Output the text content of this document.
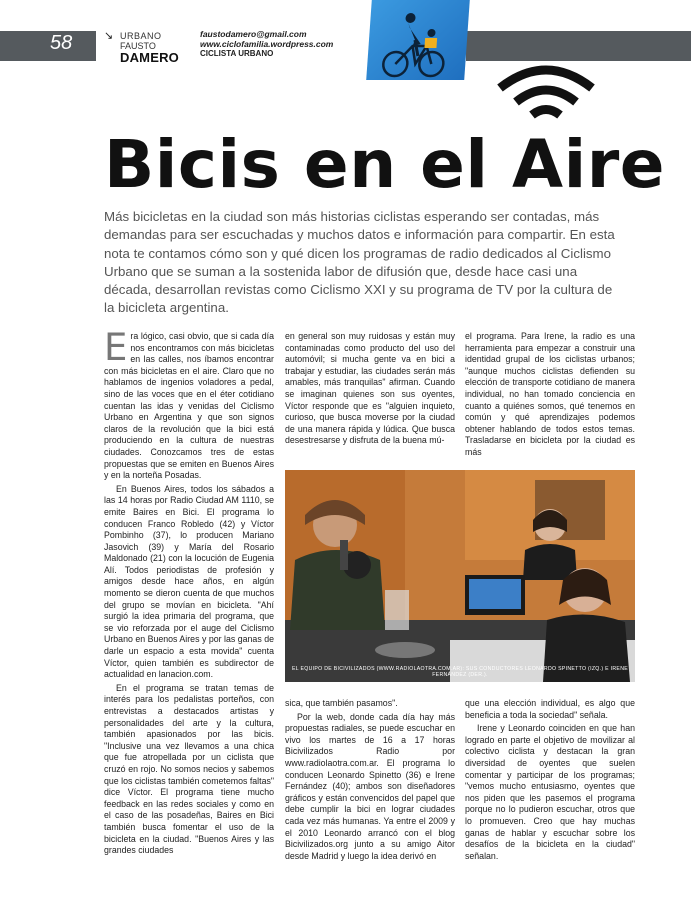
58	↘ URBANO
FAUSTO
DAMERO
faustodamero@gmail.com
www.ciclofamilia.wordpress.com
CICLISTA URBANO
Bicis en el Aire
Más bicicletas en la ciudad son más historias ciclistas esperando ser contadas, más demandas para ser escuchadas y muchos datos e información para compartir. En esta nota te contamos cómo son y qué dicen los programas de radio dedicados al Ciclismo Urbano que se suman a la sostenida labor de difusión que, desde hace casi una década, desarrollan revistas como Ciclismo XXI y su programa de TV por la cultura de la bicicleta argentina.

Era lógico, casi obvio, que si cada día nos encontramos con más bicicletas en las calles, nos íbamos encontrar con más bicicletas en el aire. Claro que no hablamos de ingenios voladores a pedal, sino de las voces que en el éter cotidiano cuentan las idas y venidas del Ciclismo Urbano en Argentina y que son signos claros de la revolución que la bici está produciendo en la cultura de nuestras ciudades. Conozcamos tres de estas propuestas que se emiten en Buenos Aires y en la norteña Posadas.

En Buenos Aires, todos los sábados a las 14 horas por Radio Ciudad AM 1110, se emite Baires en Bici. El programa lo conducen Franco Robledo (42) y Víctor Pombinho (37), lo producen Mariano Jasovich (39) y María del Rosario Maldonado (21) con la locución de Eugenia Alí. Todos periodistas de profesión y amigos desde hace años, en algún momento se dieron cuenta de que muchos del grupo se movían en bicicleta. "Ahí surgió la idea primaria del programa, que se vio reforzada por el auge del Ciclismo Urbano en Buenos Aires y por las ganas de darle un espacio a esta movida" cuenta Víctor, quien también es subdirector de actualidad en lanacion.com.

En el programa se tratan temas de interés para los pedalistas porteños, con entrevistas a destacados artistas y personalidades del arte y la cultura, también apasionados por las bicis. "Inclusive una vez llevamos a una chica que fue atropellada por un ciclista que cruzó en rojo. No somos necios y sabemos que los ciclistas también cometemos faltas" dice Víctor. El programa tiene mucho feedback en las redes sociales y como en el caso de las posadeñas, Baires en Bici también busca fomentar el uso de la bicicleta en la ciudad. "Buenos Aires y las grandes ciudades

en general son muy ruidosas y están muy contaminadas como producto del uso del automóvil; si mucha gente va en bici a trabajar y estudiar, las ciudades serán más amables, más tranquilas" afirman. Cuando se imaginan quienes son sus oyentes, Víctor responde que es "alguien inquieto, curioso, que busca moverse por la ciudad de una manera rápida y lúdica. Que busca desestresarse y disfruta de la buena mú-

el programa. Para Irene, la radio es una herramienta para empezar a construir una identidad grupal de los ciclistas urbanos; "aunque muchos ciclistas defienden su elección de transporte cotidiano de manera individual, no han tomado conciencia en cuanto a quiénes somos, qué tenemos en común y qué aprendizajes podemos obtener hablando de todos estos temas. Trasladarse en bicicleta por la ciudad es más

EL EQUIPO DE BICIVILIZADOS (WWW.RADIOLAOTRA.COM.AR): SUS CONDUCTORES LEONARDO SPINETTO (IZQ.) E IRENE FERNÁNDEZ (DER.).

sica, que también pasamos".

Por la web, donde cada día hay más propuestas radiales, se puede escuchar en vivo los martes de 16 a 17 horas Bicivilizados Radio por www.radiolaotra.com.ar. El programa lo conducen Leonardo Spinetto (36) e Irene Fernández (40); ambos son diseñadores gráficos y están convencidos del papel que debe cumplir la bici en lograr ciudades cada vez más humanas. Ya entre el 2009 y el 2010 Leonardo arrancó con el blog Bicivilizados.org junto a su amigo Aitor desde Madrid y luego la idea derivó en

que una elección individual, es algo que beneficia a toda la sociedad" señala.

Irene y Leonardo coinciden en que han logrado en parte el objetivo de movilizar al colectivo ciclista y destacan la gran diversidad de oyentes que suelen comentar y participar de los programas; "vemos mucho entusiasmo, oyentes que nos piden que les pasemos el programa porque no lo pudieron escuchar, otros que lo promueven. Creo que hay muchas ganas de hablar y escuchar sobre los desafíos de la bicicleta en la ciudad" señalan.
